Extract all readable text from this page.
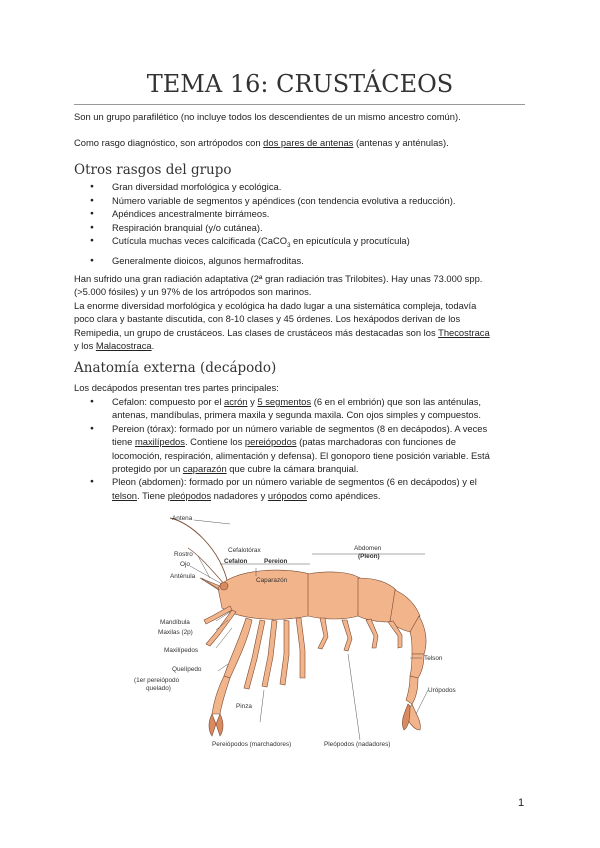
TEMA 16: CRUSTÁCEOS
Son un grupo parafilético (no incluye todos los descendientes de un mismo ancestro común).
Como rasgo diagnóstico, son artrópodos con dos pares de antenas (antenas y anténulas).
Otros rasgos del grupo
● Gran diversidad morfológica y ecológica.
● Número variable de segmentos y apéndices (con tendencia evolutiva a reducción).
● Apéndices ancestralmente birrámeos.
● Respiración branquial (y/o cutánea).
● Cutícula muchas veces calcificada (CaCO$_3$ en epicutícula y procutícula)
● Generalmente dioicos, algunos hermafroditas.
Han sufrido una gran radiación adaptativa (2ª gran radiación tras Trilobites). Hay unas 73.000 spp.
(>5.000 fósiles) y un 97% de los artrópodos son marinos.
La enorme diversidad morfológica y ecológica ha dado lugar a una sistemática compleja, todavía
poco clara y bastante discutida, con 8-10 clases y 45 órdenes. Los hexápodos derivan de los
Remipedia, un grupo de crustáceos. Las clases de crustáceos más destacadas son los Thecostraca
y los Malacostraca.
Anatomía externa (decápodo)
Los decápodos presentan tres partes principales:
● Cefalon: compuesto por el acrón y 5 segmentos (6 en el embrión) que son las anténulas,
antenas, mandíbulas, primera maxila y segunda maxila. Con ojos simples y compuestos.
● Pereion (tórax): formado por un número variable de segmentos (8 en decápodos). A veces
tiene maxilípedos. Contiene los pereiópodos (patas marchadoras con funciones de
locomoción, respiración, alimentación y defensa). El gonoporo tiene posición variable. Está
protegido por un caparazón que cubre la cámara branquial.
● Pleon (abdomen): formado por un número variable de segmentos (6 en decápodos) y el
telson. Tiene pleópodos nadadores y urópodos como apéndices.
Antena
Rostro
Ojo
Anténula
Mandíbula
Maxilas (2p)
Maxilípedos
Quelípedo
(1er pereiópodo
quelado)
Cefalotórax
Cefalon	Pereion
Caparazón
Abdomen
(Pleon)
Telson
Urópodos
Pinza
Pereiópodos (marchadores)	Pleópodos (nadadores)
1
